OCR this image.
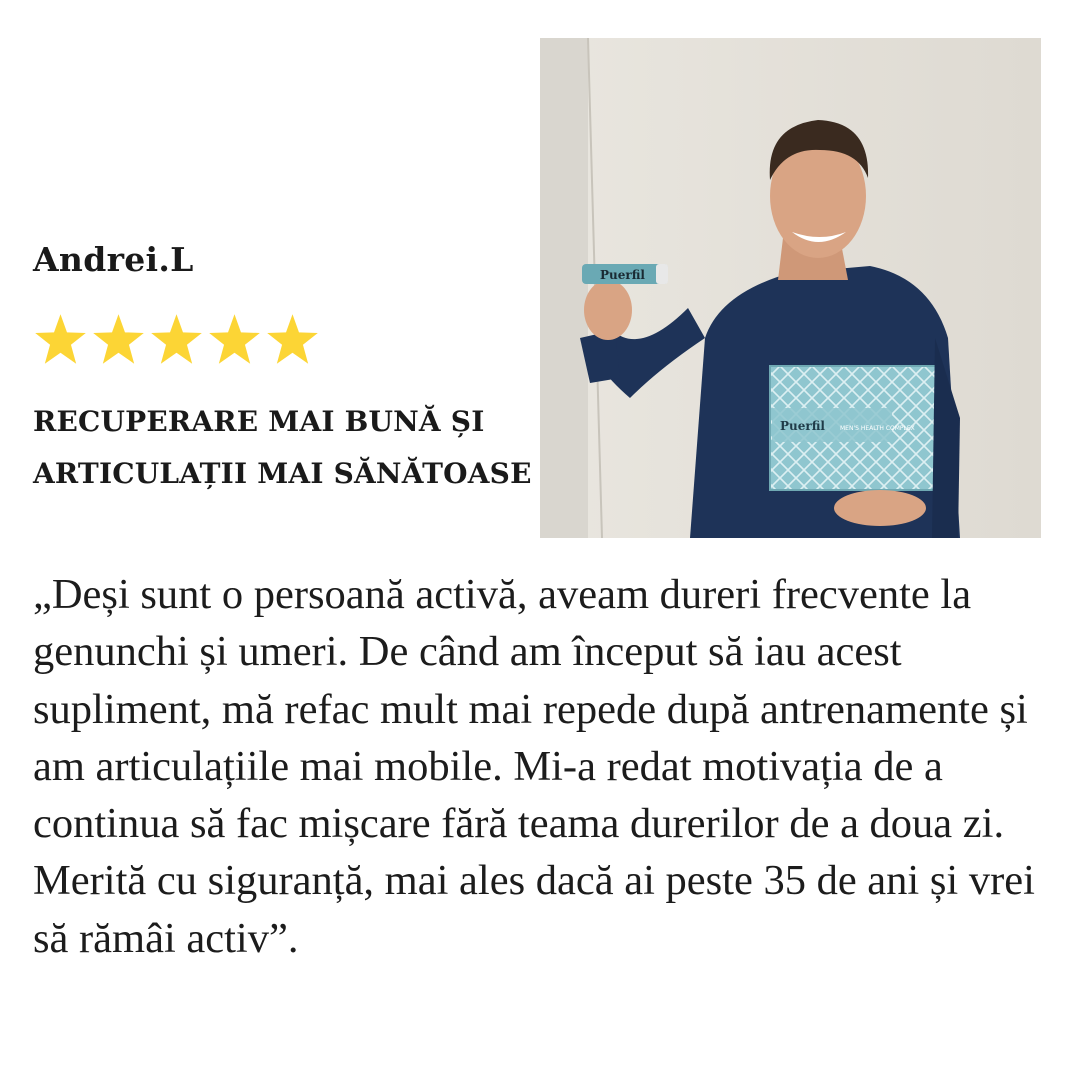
Andrei.L
RECUPERARE MAI BUNĂ ȘI ARTICULAȚII MAI SĂNĂTOASE
Puerfil
Puerfil	MEN'S HEALTH COMPLEX
„Deși sunt o persoană activă, aveam dureri frecvente la genunchi și umeri. De când am început să iau acest supliment, mă refac mult mai repede după antrenamente și am articulațiile mai mobile. Mi-a redat motivația de a continua să fac mișcare fără teama durerilor de a doua zi. Merită cu siguranță, mai ales dacă ai peste 35 de ani și vrei să rămâi activ”.
